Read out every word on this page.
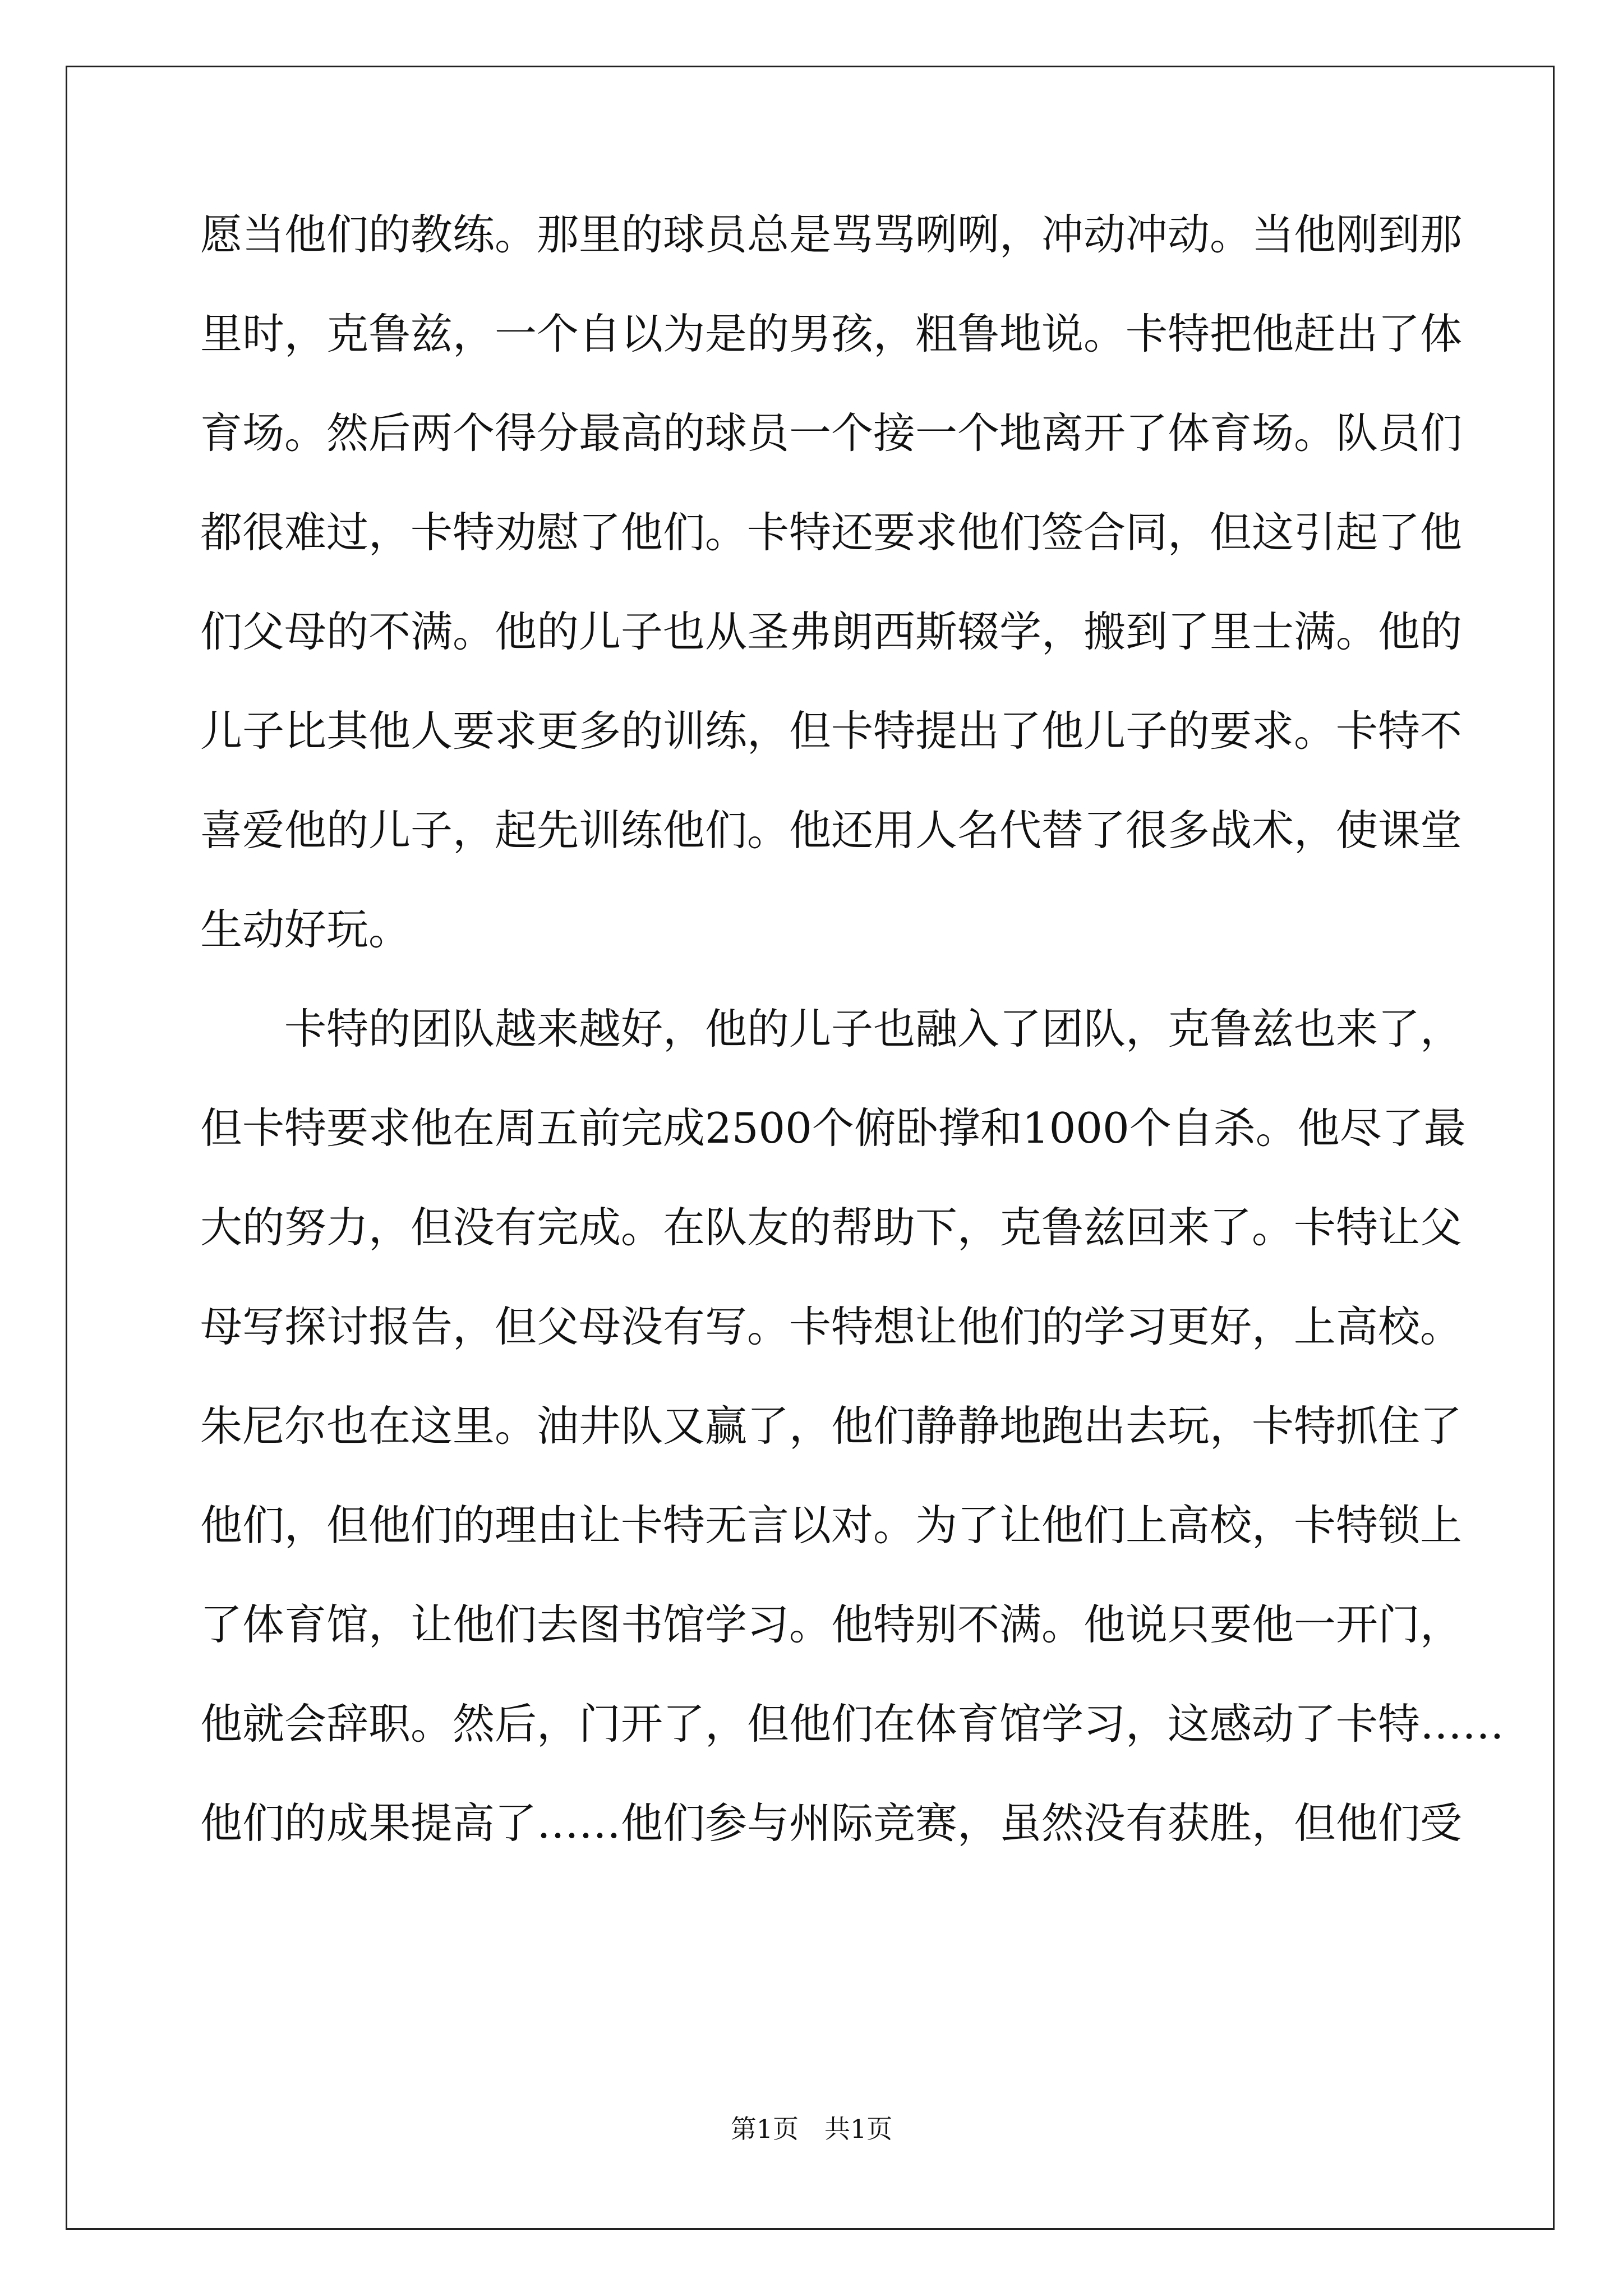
愿当他们的教练。那里的球员总是骂骂咧咧，冲动冲动。当他刚到那
里时，克鲁兹，一个自以为是的男孩，粗鲁地说。卡特把他赶出了体
育场。然后两个得分最高的球员一个接一个地离开了体育场。队员们
都很难过，卡特劝慰了他们。卡特还要求他们签合同，但这引起了他
们父母的不满。他的儿子也从圣弗朗西斯辍学，搬到了里士满。他的
儿子比其他人要求更多的训练，但卡特提出了他儿子的要求。卡特不
喜爱他的儿子，起先训练他们。他还用人名代替了很多战术，使课堂
生动好玩。
卡特的团队越来越好，他的儿子也融入了团队，克鲁兹也来了，
但卡特要求他在周五前完成2500个俯卧撑和1000个自杀。他尽了最
大的努力，但没有完成。在队友的帮助下，克鲁兹回来了。卡特让父
母写探讨报告，但父母没有写。卡特想让他们的学习更好，上高校。
朱尼尔也在这里。油井队又赢了，他们静静地跑出去玩，卡特抓住了
他们，但他们的理由让卡特无言以对。为了让他们上高校，卡特锁上
了体育馆，让他们去图书馆学习。他特别不满。他说只要他一开门，
他就会辞职。然后，门开了，但他们在体育馆学习，这感动了卡特……
他们的成果提高了……他们参与州际竞赛，虽然没有获胜，但他们受
第1页　共1页
